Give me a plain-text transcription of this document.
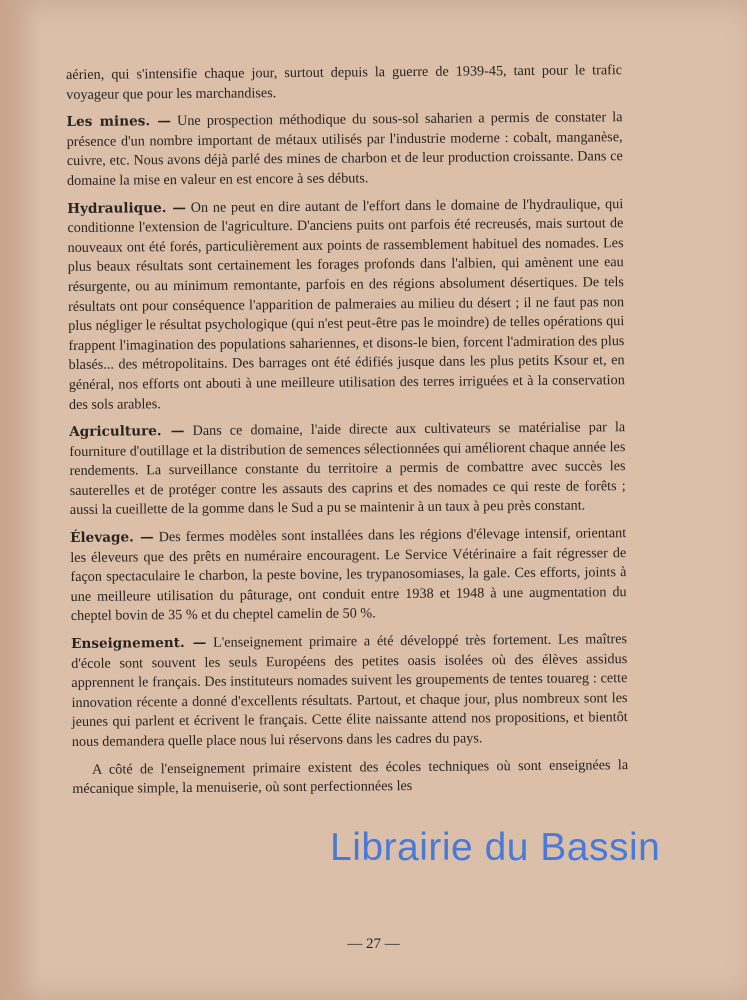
aérien, qui s'intensifie chaque jour, surtout depuis la guerre de 1939-45, tant pour le trafic voyageur que pour les marchandises.

Les mines. — Une prospection méthodique du sous-sol saharien a permis de constater la présence d'un nombre important de métaux utilisés par l'industrie moderne : cobalt, manganèse, cuivre, etc. Nous avons déjà parlé des mines de charbon et de leur production croissante. Dans ce domaine la mise en valeur en est encore à ses débuts.

Hydraulique. — On ne peut en dire autant de l'effort dans le domaine de l'hydraulique, qui conditionne l'extension de l'agriculture. D'anciens puits ont parfois été recreusés, mais surtout de nouveaux ont été forés, particulièrement aux points de rassemblement habituel des nomades. Les plus beaux résultats sont certainement les forages profonds dans l'albien, qui amènent une eau résurgente, ou au minimum remontante, parfois en des régions absolument désertiques. De tels résultats ont pour conséquence l'apparition de palmeraies au milieu du désert ; il ne faut pas non plus négliger le résultat psychologique (qui n'est peut-être pas le moindre) de telles opérations qui frappent l'imagination des populations sahariennes, et disons-le bien, forcent l'admiration des plus blasés... des métropolitains. Des barrages ont été édifiés jusque dans les plus petits Ksour et, en général, nos efforts ont abouti à une meilleure utilisation des terres irriguées et à la conservation des sols arables.

Agriculture. — Dans ce domaine, l'aide directe aux cultivateurs se matérialise par la fourniture d'outillage et la distribution de semences sélectionnées qui améliorent chaque année les rendements. La surveillance constante du territoire a permis de combattre avec succès les sauterelles et de protéger contre les assauts des caprins et des nomades ce qui reste de forêts ; aussi la cueillette de la gomme dans le Sud a pu se maintenir à un taux à peu près constant.

Élevage. — Des fermes modèles sont installées dans les régions d'élevage intensif, orientant les éleveurs que des prêts en numéraire encouragent. Le Service Vétérinaire a fait régresser de façon spectaculaire le charbon, la peste bovine, les trypanosomiases, la gale. Ces efforts, joints à une meilleure utilisation du pâturage, ont conduit entre 1938 et 1948 à une augmentation du cheptel bovin de 35 % et du cheptel camelin de 50 %.

Enseignement. — L'enseignement primaire a été développé très fortement. Les maîtres d'école sont souvent les seuls Européens des petites oasis isolées où des élèves assidus apprennent le français. Des instituteurs nomades suivent les groupements de tentes touareg : cette innovation récente a donné d'excellents résultats. Partout, et chaque jour, plus nombreux sont les jeunes qui parlent et écrivent le français. Cette élite naissante attend nos propositions, et bientôt nous demandera quelle place nous lui réservons dans les cadres du pays.

A côté de l'enseignement primaire existent des écoles techniques où sont enseignées la mécanique simple, la menuiserie, où sont perfectionnées les

— 27 —
Librairie du Bassin
